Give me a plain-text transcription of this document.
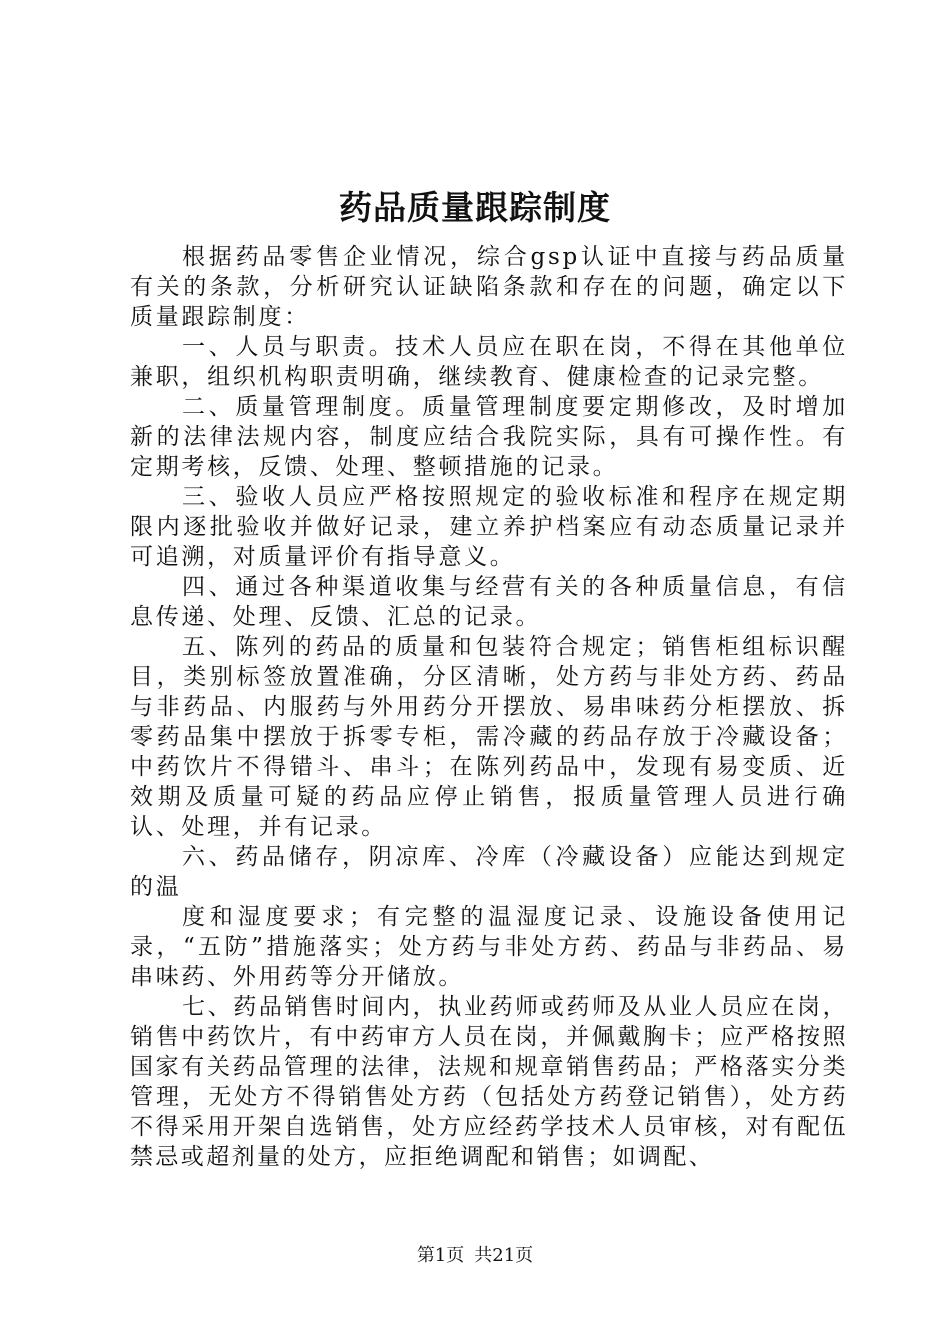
药品质量跟踪制度

根据药品零售企业情况，综合gsp认证中直接与药品质量有关的条款，分析研究认证缺陷条款和存在的问题，确定以下质量跟踪制度：

一、人员与职责。技术人员应在职在岗，不得在其他单位兼职，组织机构职责明确，继续教育、健康检查的记录完整。

二、质量管理制度。质量管理制度要定期修改，及时增加新的法律法规内容，制度应结合我院实际，具有可操作性。有定期考核，反馈、处理、整顿措施的记录。

三、验收人员应严格按照规定的验收标准和程序在规定期限内逐批验收并做好记录，建立养护档案应有动态质量记录并可追溯，对质量评价有指导意义。

四、通过各种渠道收集与经营有关的各种质量信息，有信息传递、处理、反馈、汇总的记录。

五、陈列的药品的质量和包装符合规定；销售柜组标识醒目，类别标签放置准确，分区清晰，处方药与非处方药、药品与非药品、内服药与外用药分开摆放、易串味药分柜摆放、拆零药品集中摆放于拆零专柜，需冷藏的药品存放于冷藏设备；中药饮片不得错斗、串斗；在陈列药品中，发现有易变质、近效期及质量可疑的药品应停止销售，报质量管理人员进行确认、处理，并有记录。

六、药品储存，阴凉库、冷库（冷藏设备）应能达到规定的温

度和湿度要求；有完整的温湿度记录、设施设备使用记录，“五防”措施落实；处方药与非处方药、药品与非药品、易串味药、外用药等分开储放。

七、药品销售时间内，执业药师或药师及从业人员应在岗，销售中药饮片，有中药审方人员在岗，并佩戴胸卡；应严格按照国家有关药品管理的法律，法规和规章销售药品；严格落实分类管理，无处方不得销售处方药（包括处方药登记销售），处方药不得采用开架自选销售，处方应经药学技术人员审核，对有配伍禁忌或超剂量的处方，应拒绝调配和销售；如调配、

第1页 共21页
